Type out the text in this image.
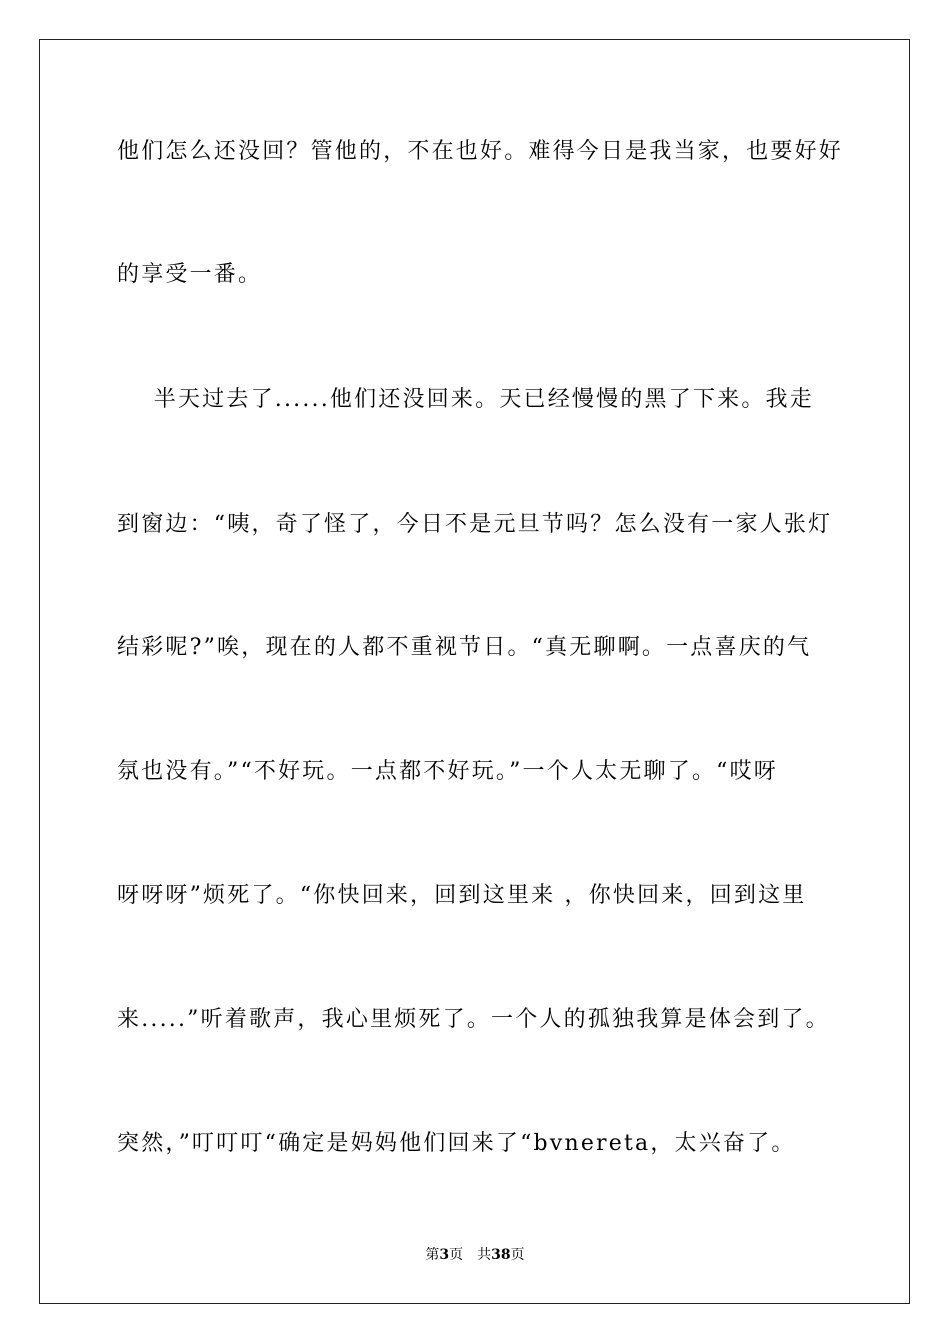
他们怎么还没回？管他的，不在也好。难得今日是我当家，也要好好
的享受一番。
半天过去了......他们还没回来。天已经慢慢的黑了下来。我走
到窗边：“咦，奇了怪了，今日不是元旦节吗？怎么没有一家人张灯
结彩呢?”唉，现在的人都不重视节日。“真无聊啊。一点喜庆的气
氛也没有。”“不好玩。一点都不好玩。”一个人太无聊了。“哎呀
呀呀呀”烦死了。“你快回来，回到这里来 ，你快回来，回到这里
来.....”听着歌声，我心里烦死了。一个人的孤独我算是体会到了。
突然，”叮叮叮“确定是妈妈他们回来了“bvnereta，太兴奋了。
第3页　共38页
